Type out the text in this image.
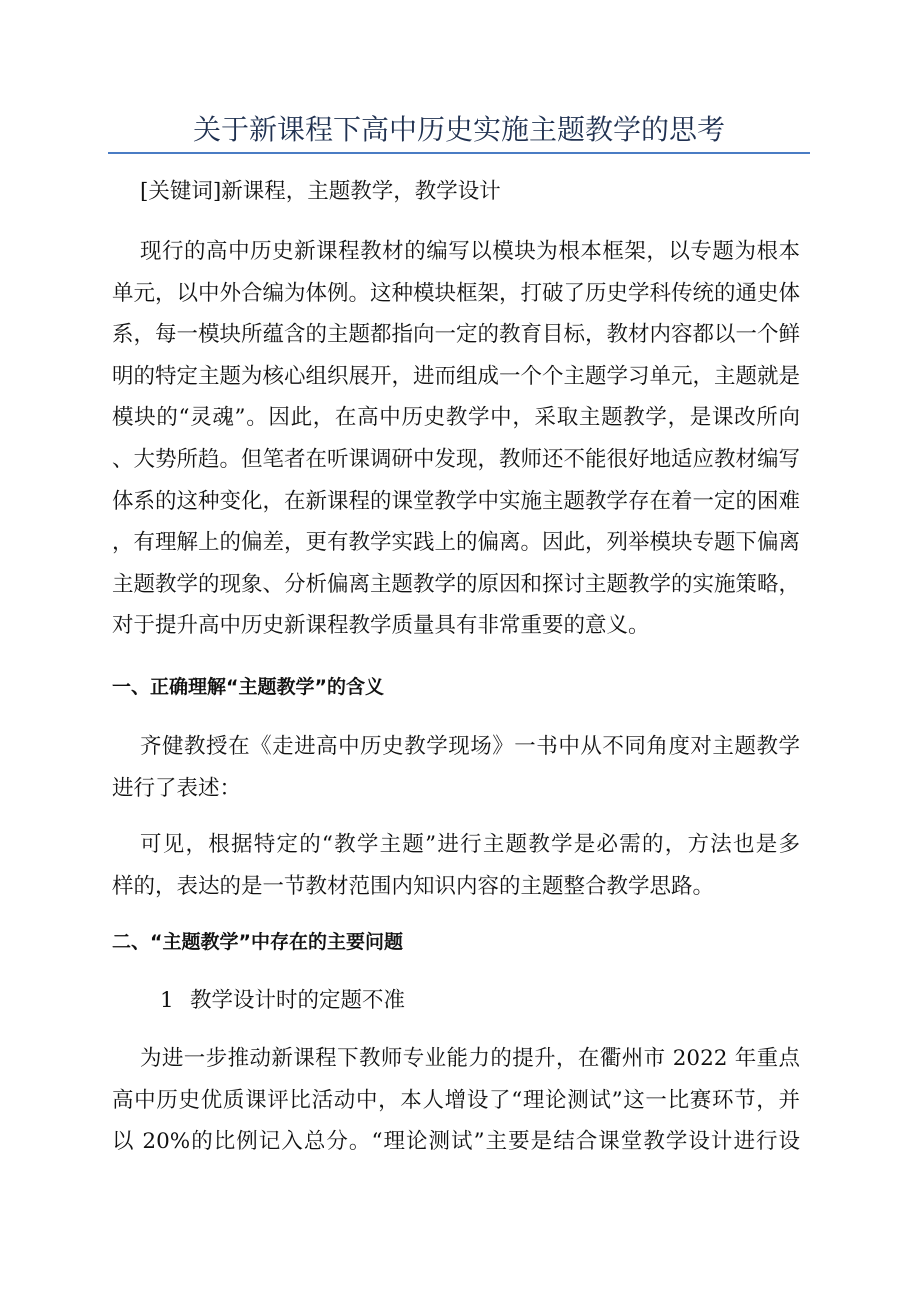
关于新课程下高中历史实施主题教学的思考
[关键词]新课程，主题教学，教学设计
现行的高中历史新课程教材的编写以模块为根本框架，以专题为根本
单元，以中外合编为体例。这种模块框架，打破了历史学科传统的通史体
系，每一模块所蕴含的主题都指向一定的教育目标，教材内容都以一个鲜
明的特定主题为核心组织展开，进而组成一个个主题学习单元，主题就是
模块的“灵魂”。因此，在高中历史教学中，采取主题教学，是课改所向
、大势所趋。但笔者在听课调研中发现，教师还不能很好地适应教材编写
体系的这种变化，在新课程的课堂教学中实施主题教学存在着一定的困难
，有理解上的偏差，更有教学实践上的偏离。因此，列举模块专题下偏离
主题教学的现象、分析偏离主题教学的原因和探讨主题教学的实施策略，
对于提升高中历史新课程教学质量具有非常重要的意义。
一、正确理解“主题教学”的含义
齐健教授在《走进高中历史教学现场》一书中从不同角度对主题教学
进行了表述：
可见，根据特定的“教学主题”进行主题教学是必需的，方法也是多
样的，表达的是一节教材范围内知识内容的主题整合教学思路。
二、“主题教学”中存在的主要问题
1 教学设计时的定题不准
为进一步推动新课程下教师专业能力的提升，在衢州市 2022 年重点
高中历史优质课评比活动中，本人增设了“理论测试”这一比赛环节，并
以 20%的比例记入总分。“理论测试”主要是结合课堂教学设计进行设
